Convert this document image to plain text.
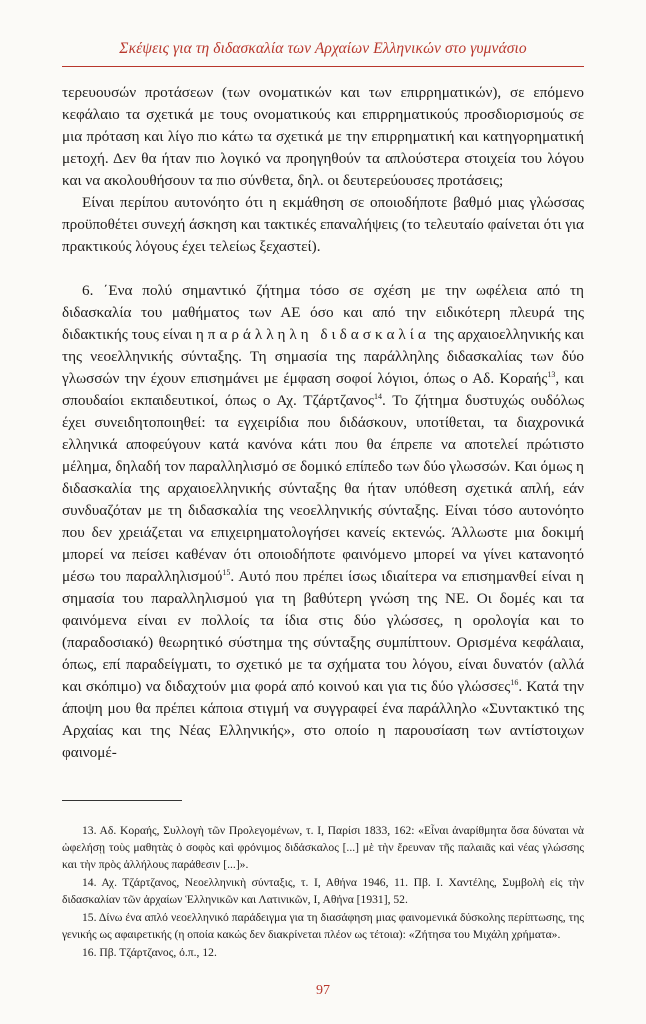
Σκέψεις για τη διδασκαλία των Αρχαίων Ελληνικών στο γυμνάσιο

τερευουσών προτάσεων (των ονοματικών και των επιρρηματικών), σε επόμενο κεφάλαιο τα σχετικά με τους ονοματικούς και επιρρηματικούς προσδιορισμούς σε μια πρόταση και λίγο πιο κάτω τα σχετικά με την επιρρηματική και κατηγορηματική μετοχή. Δεν θα ήταν πιο λογικό να προηγηθούν τα απλούστερα στοιχεία του λόγου και να ακολουθήσουν τα πιο σύνθετα, δηλ. οι δευτερεύουσες προτάσεις;

Είναι περίπου αυτονόητο ότι η εκμάθηση σε οποιοδήποτε βαθμό μιας γλώσσας προϋποθέτει συνεχή άσκηση και τακτικές επαναλήψεις (το τελευταίο φαίνεται ότι για πρακτικούς λόγους έχει τελείως ξεχαστεί).

6. ΄Ενα πολύ σημαντικό ζήτημα τόσο σε σχέση με την ωφέλεια από τη διδασκαλία του μαθήματος των ΑΕ όσο και από την ειδικότερη πλευρά της διδακτικής τους είναι η παράλληλη διδασκαλία της αρχαιοελληνικής και της νεοελληνικής σύνταξης. Τη σημασία της παράλληλης διδασκαλίας των δύο γλωσσών την έχουν επισημάνει με έμφαση σοφοί λόγιοι, όπως ο Αδ. Κοραής$^{13}$, και σπουδαίοι εκπαιδευτικοί, όπως ο Αχ. Τζάρτζανος$^{14}$. Το ζήτημα δυστυχώς ουδόλως έχει συνειδητοποιηθεί: τα εγχειρίδια που διδάσκουν, υποτίθεται, τα διαχρονικά ελληνικά αποφεύγουν κατά κανόνα κάτι που θα έπρεπε να αποτελεί πρώτιστο μέλημα, δηλαδή τον παραλληλισμό σε δομικό επίπεδο των δύο γλωσσών. Και όμως η διδασκαλία της αρχαιοελληνικής σύνταξης θα ήταν υπόθεση σχετικά απλή, εάν συνδυαζόταν με τη διδασκαλία της νεοελληνικής σύνταξης. Είναι τόσο αυτονόητο που δεν χρειάζεται να επιχειρηματολογήσει κανείς εκτενώς. Άλλωστε μια δοκιμή μπορεί να πείσει καθέναν ότι οποιοδήποτε φαινόμενο μπορεί να γίνει κατανοητό μέσω του παραλληλισμού$^{15}$. Αυτό που πρέπει ίσως ιδιαίτερα να επισημανθεί είναι η σημασία του παραλληλισμού για τη βαθύτερη γνώση της ΝΕ. Οι δομές και τα φαινόμενα είναι εν πολλοίς τα ίδια στις δύο γλώσσες, η ορολογία και το (παραδοσιακό) θεωρητικό σύστημα της σύνταξης συμπίπτουν. Ορισμένα κεφάλαια, όπως, επί παραδείγματι, το σχετικό με τα σχήματα του λόγου, είναι δυνατόν (αλλά και σκόπιμο) να διδαχτούν μια φορά από κοινού και για τις δύο γλώσσες$^{16}$. Κατά την άποψη μου θα πρέπει κάποια στιγμή να συγγραφεί ένα παράλληλο «Συντακτικό της Αρχαίας και της Νέας Ελληνικής», στο οποίο η παρουσίαση των αντίστοιχων φαινομέ-

13. Αδ. Κοραής, Συλλογὴ τῶν Προλεγομένων, τ. Ι, Παρίσι 1833, 162: «Εἶναι ἀναρίθμητα ὅσα δύναται νὰ ὠφελήσῃ τοὺς μαθητὰς ὁ σοφὸς καὶ φρόνιμος διδάσκαλος [...] μὲ τὴν ἔρευναν τῆς παλαιᾶς καὶ νέας γλώσσης και τὴν πρὸς ἀλλήλους παράθεσιν [...]».

14. Αχ. Τζάρτζανος, Νεοελληνικὴ σύνταξις, τ. Ι, Αθήνα 1946, 11. Πβ. Ι. Χαντέλης, Συμβολὴ εἰς τὴν διδασκαλίαν τῶν ἀρχαίων Ἑλληνικῶν και Λατινικῶν, Ι, Αθήνα [1931], 52.

15. Δίνω ένα απλό νεοελληνικό παράδειγμα για τη διασάφηση μιας φαινομενικά δύσκολης περίπτωσης, της γενικής ως αφαιρετικής (η οποία κακώς δεν διακρίνεται πλέον ως τέτοια): «Ζήτησα του Μιχάλη χρήματα».

16. Πβ. Τζάρτζανος, ό.π., 12.

97
